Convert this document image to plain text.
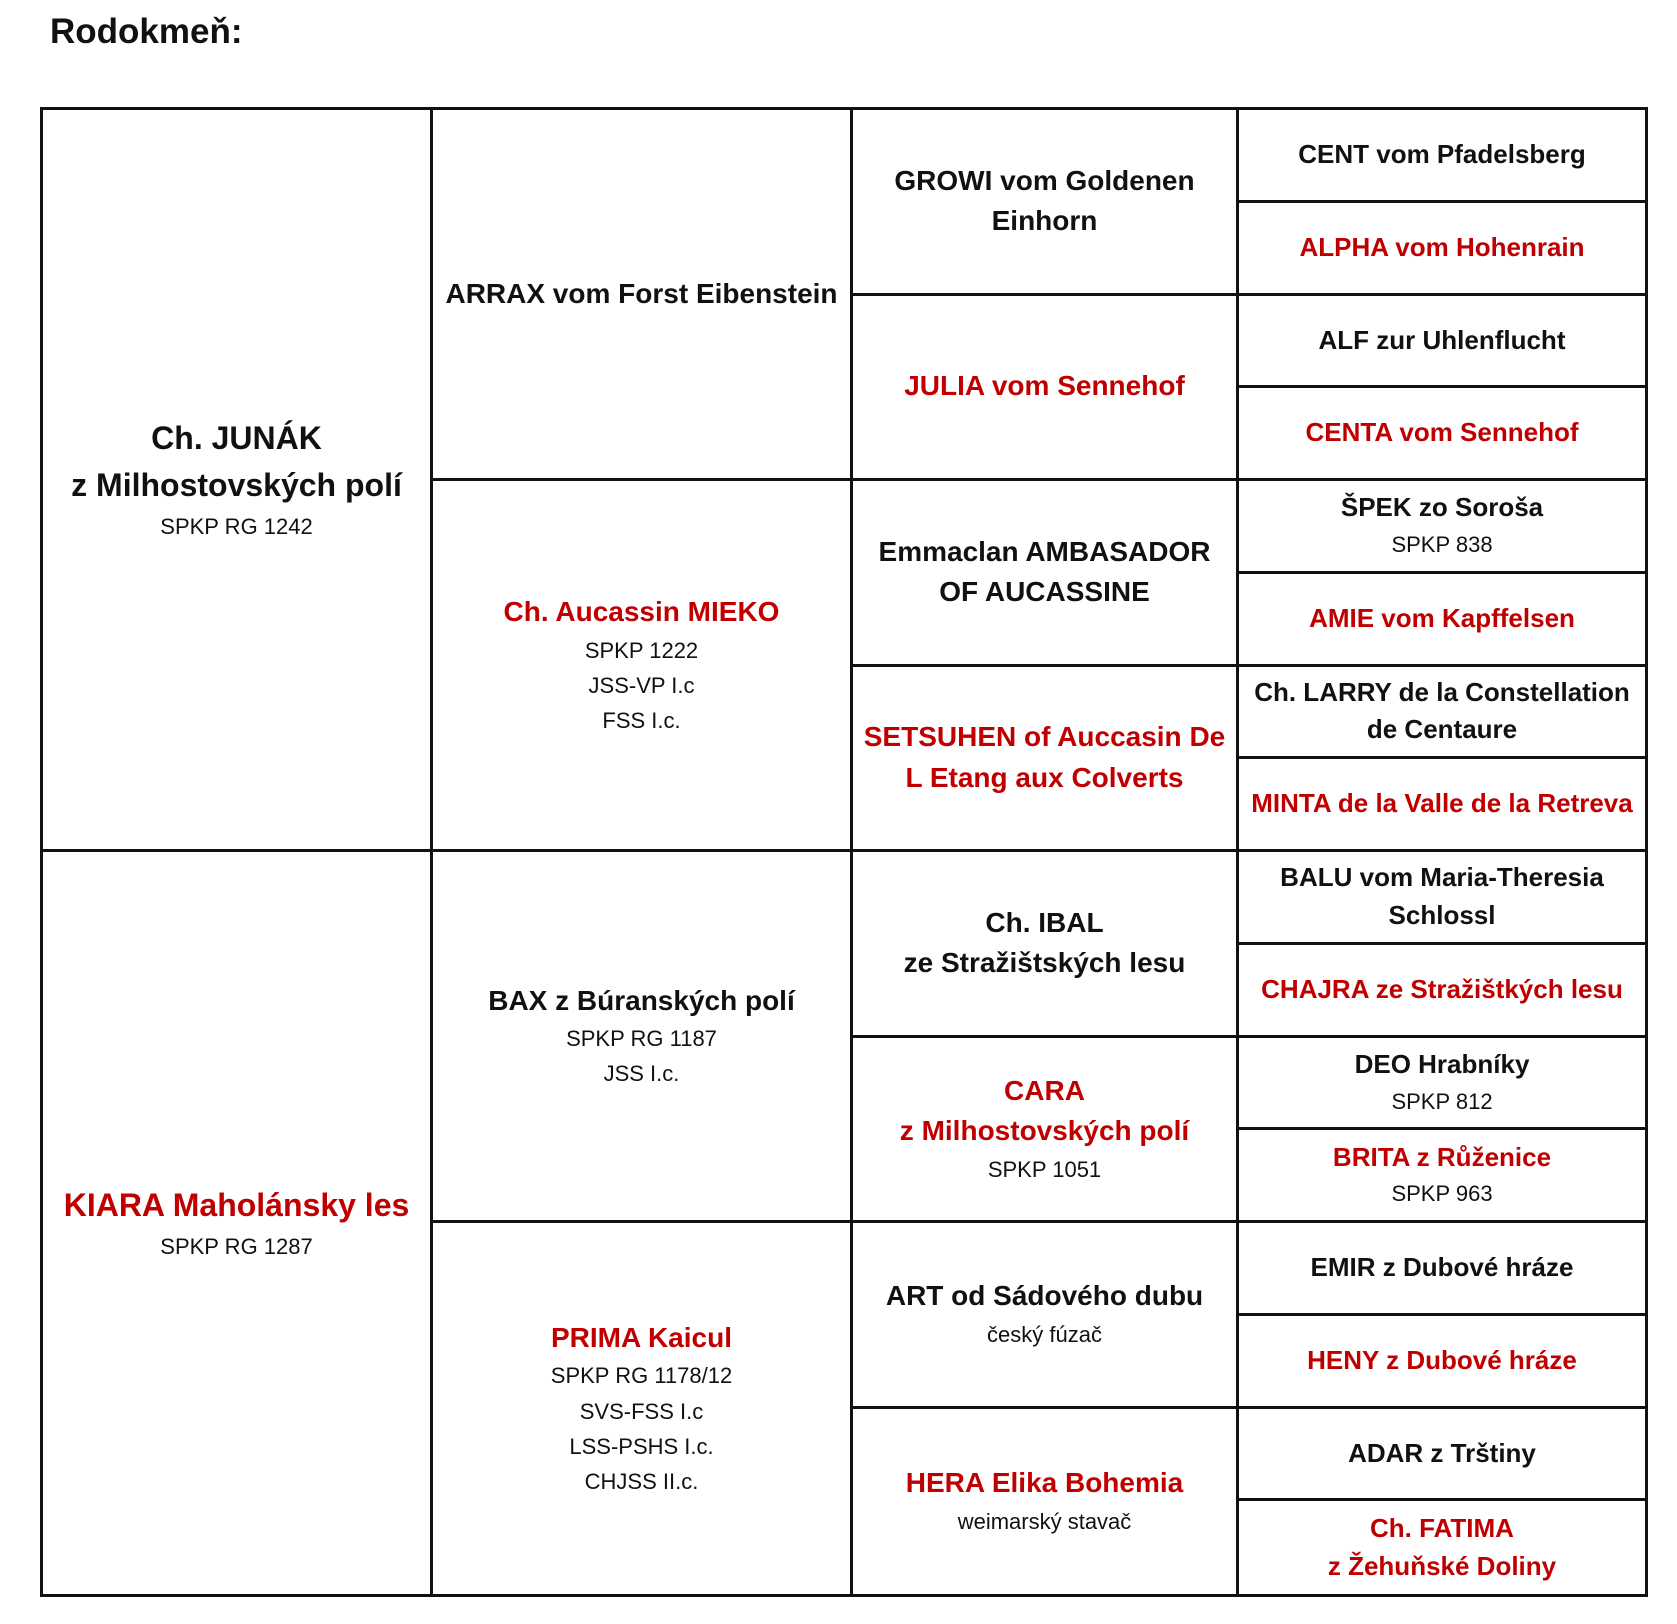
Rodokmeň:
Ch. JUNÁK
z Milhostovských polí
SPKP RG 1242
KIARA Maholánsky les
SPKP RG 1287
ARRAX vom Forst Eibenstein
Ch. Aucassin MIEKO
SPKP 1222
JSS-VP I.c
FSS I.c.
BAX z Búranských polí
SPKP RG 1187
JSS I.c.
PRIMA Kaicul
SPKP RG 1178/12
SVS-FSS I.c
LSS-PSHS I.c.
CHJSS II.c.
GROWI vom Goldenen Einhorn
JULIA vom Sennehof
Emmaclan AMBASADOR OF AUCASSINE
SETSUHEN of Auccasin De L Etang aux Colverts
Ch. IBAL
ze Stražištských lesu
CARA
z Milhostovských polí
SPKP 1051
ART od Sádového dubu
český fúzač
HERA Elika Bohemia
weimarský stavač
CENT vom Pfadelsberg
ALPHA vom Hohenrain
ALF zur Uhlenflucht
CENTA vom Sennehof
ŠPEK zo Soroša
SPKP 838
AMIE vom Kapffelsen
Ch. LARRY de la Constellation de Centaure
MINTA de la Valle de la Retreva
BALU vom Maria-Theresia Schlossl
CHAJRA ze Stražištkých lesu
DEO Hrabníky
SPKP 812
BRITA z Růženice
SPKP 963
EMIR z Dubové hráze
HENY z Dubové hráze
ADAR z Trštiny
Ch. FATIMA
z Žehuňské Doliny
